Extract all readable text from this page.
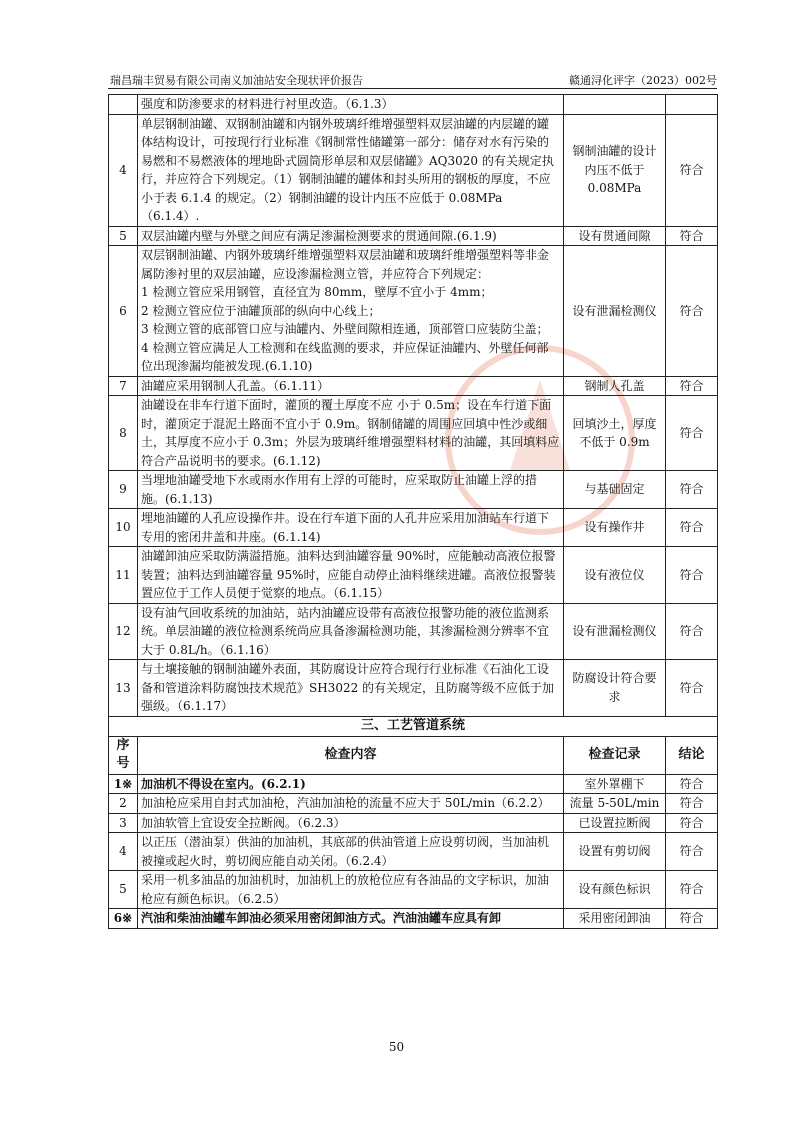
瑞昌瑞丰贸易有限公司南义加油站安全现状评价报告	赣通浔化评字（2023）002号
	强度和防渗要求的材料进行衬里改造。（6.1.3）		
4	单层钢制油罐、双钢制油罐和内钢外玻璃纤维增强塑料双层油罐的内层罐的罐体结构设计，可按现行行业标准《钢制常性储罐第一部分：储存对水有污染的易燃和不易燃液体的埋地卧式圆筒形单层和双层储罐》AQ3020 的有关规定执行，并应符合下列规定。（1）钢制油罐的罐体和封头所用的钢板的厚度，不应小于表 6.1.4 的规定。（2）钢制油罐的设计内压不应低于 0.08MPa（6.1.4）.	钢制油罐的设计内压不低于0.08MPa	符合
5	双层油罐内壁与外壁之间应有满足渗漏检测要求的贯通间隙.(6.1.9)	设有贯通间隙	符合
6	双层钢制油罐、内钢外玻璃纤维增强塑料双层油罐和玻璃纤维增强塑料等非金属防渗衬里的双层油罐，应设渗漏检测立管，并应符合下列规定：
1 检测立管应采用钢管，直径宜为 80mm，壁厚不宜小于 4mm；
2 检测立管应位于油罐顶部的纵向中心线上；
3 检测立管的底部管口应与油罐内、外壁间隙相连通，顶部管口应装防尘盖；
4 检测立管应满足人工检测和在线监测的要求，并应保证油罐内、外壁任何部位出现渗漏均能被发现.(6.1.10)	设有泄漏检测仪	符合
7	油罐应采用钢制人孔盖。（6.1.11）	钢制人孔盖	符合
8	油罐设在非车行道下面时，灌顶的覆土厚度不应 小于 0.5m；设在车行道下面时，灌顶定于混泥土路面不宜小于 0.9m。钢制储罐的周围应回填中性沙或细土，其厚度不应小于 0.3m；外层为玻璃纤维增强塑料材料的油罐，其回填料应符合产品说明书的要求。(6.1.12)	回填沙土，厚度不低于 0.9m	符合
9	当埋地油罐受地下水或雨水作用有上浮的可能时，应采取防止油罐上浮的措施。(6.1.13)	与基础固定	符合
10	埋地油罐的人孔应设操作井。设在行车道下面的人孔井应采用加油站车行道下专用的密闭井盖和井座。(6.1.14)	设有操作井	符合
11	油罐卸油应采取防满溢措施。油料达到油罐容量 90%时，应能触动高液位报警装置；油料达到油罐容量 95%时，应能自动停止油料继续进罐。高液位报警装置应位于工作人员便于觉察的地点。（6.1.15）	设有液位仪	符合
12	设有油气回收系统的加油站，站内油罐应设带有高液位报警功能的液位监测系统。单层油罐的液位检测系统尚应具备渗漏检测功能，其渗漏检测分辨率不宜大于 0.8L/h。（6.1.16）	设有泄漏检测仪	符合
13	与土壤接触的钢制油罐外表面，其防腐设计应符合现行行业标准《石油化工设备和管道涂料防腐蚀技术规范》SH3022 的有关规定，且防腐等级不应低于加强级。（6.1.17）	防腐设计符合要求	符合
三、工艺管道系统			
序号	检查内容	检查记录	结论
1※	加油机不得设在室内。(6.2.1)	室外罩棚下	符合
2	加油枪应采用自封式加油枪，汽油加油枪的流量不应大于 50L/min（6.2.2）	流量 5-50L/min	符合
3	加油软管上宜设安全拉断阀。（6.2.3）	已设置拉断阀	符合
4	以正压（潜油泵）供油的加油机，其底部的供油管道上应设剪切阀，当加油机被撞或起火时，剪切阀应能自动关闭。（6.2.4）	设置有剪切阀	符合
5	采用一机多油品的加油机时，加油机上的放枪位应有各油品的文字标识，加油枪应有颜色标识。（6.2.5）	设有颜色标识	符合
6※	汽油和柴油油罐车卸油必须采用密闭卸油方式。汽油油罐车应具有卸	采用密闭卸油	符合
50
